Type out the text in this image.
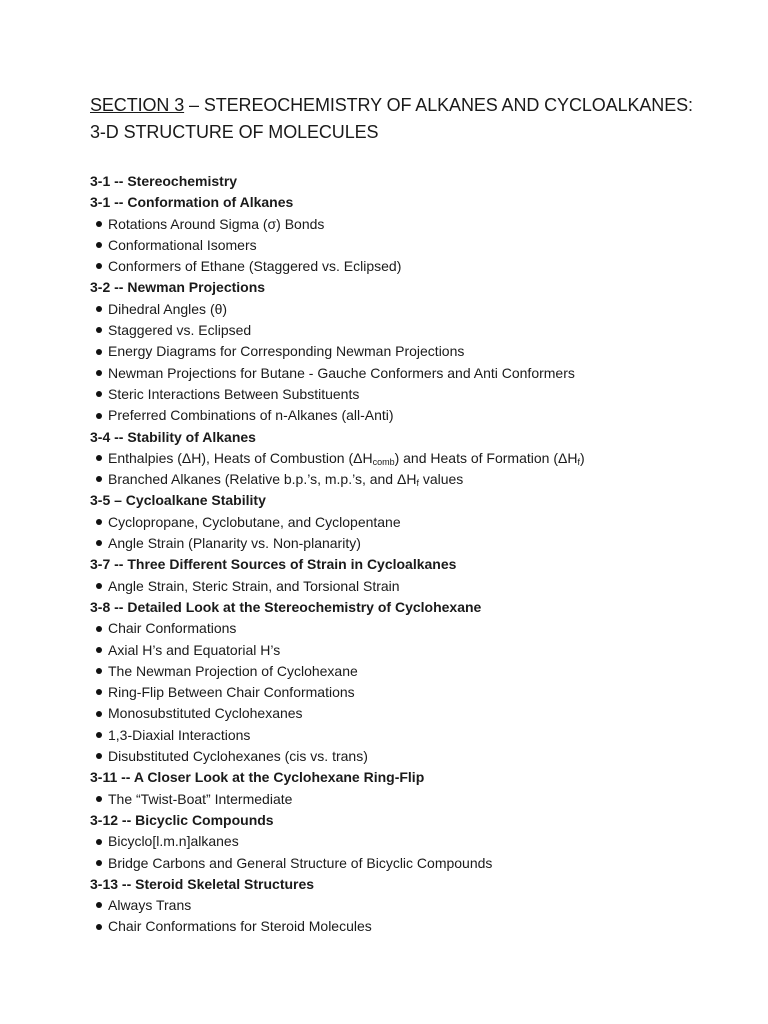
SECTION 3 – STEREOCHEMISTRY OF ALKANES AND CYCLOALKANES:
3-D STRUCTURE OF MOLECULES
3-1 -- Stereochemistry
3-1 -- Conformation of Alkanes
Rotations Around Sigma (σ) Bonds
Conformational Isomers
Conformers of Ethane (Staggered vs. Eclipsed)
3-2 -- Newman Projections
Dihedral Angles (θ)
Staggered vs. Eclipsed
Energy Diagrams for Corresponding Newman Projections
Newman Projections for Butane - Gauche Conformers and Anti Conformers
Steric Interactions Between Substituents
Preferred Combinations of n-Alkanes (all-Anti)
3-4 -- Stability of Alkanes
Enthalpies (ΔH), Heats of Combustion $(\Delta H_{comb})$ and Heats of Formation $(\Delta H_f)$
Branched Alkanes (Relative b.p.’s, m.p.’s, and $\Delta H_f$ values
3-5 – Cycloalkane Stability
Cyclopropane, Cyclobutane, and Cyclopentane
Angle Strain (Planarity vs. Non-planarity)
3-7 -- Three Different Sources of Strain in Cycloalkanes
Angle Strain, Steric Strain, and Torsional Strain
3-8 -- Detailed Look at the Stereochemistry of Cyclohexane
Chair Conformations
Axial H’s and Equatorial H’s
The Newman Projection of Cyclohexane
Ring-Flip Between Chair Conformations
Monosubstituted Cyclohexanes
1,3-Diaxial Interactions
Disubstituted Cyclohexanes (cis vs. trans)
3-11 -- A Closer Look at the Cyclohexane Ring-Flip
The “Twist-Boat” Intermediate
3-12 -- Bicyclic Compounds
Bicyclo[l.m.n]alkanes
Bridge Carbons and General Structure of Bicyclic Compounds
3-13 -- Steroid Skeletal Structures
Always Trans
Chair Conformations for Steroid Molecules
